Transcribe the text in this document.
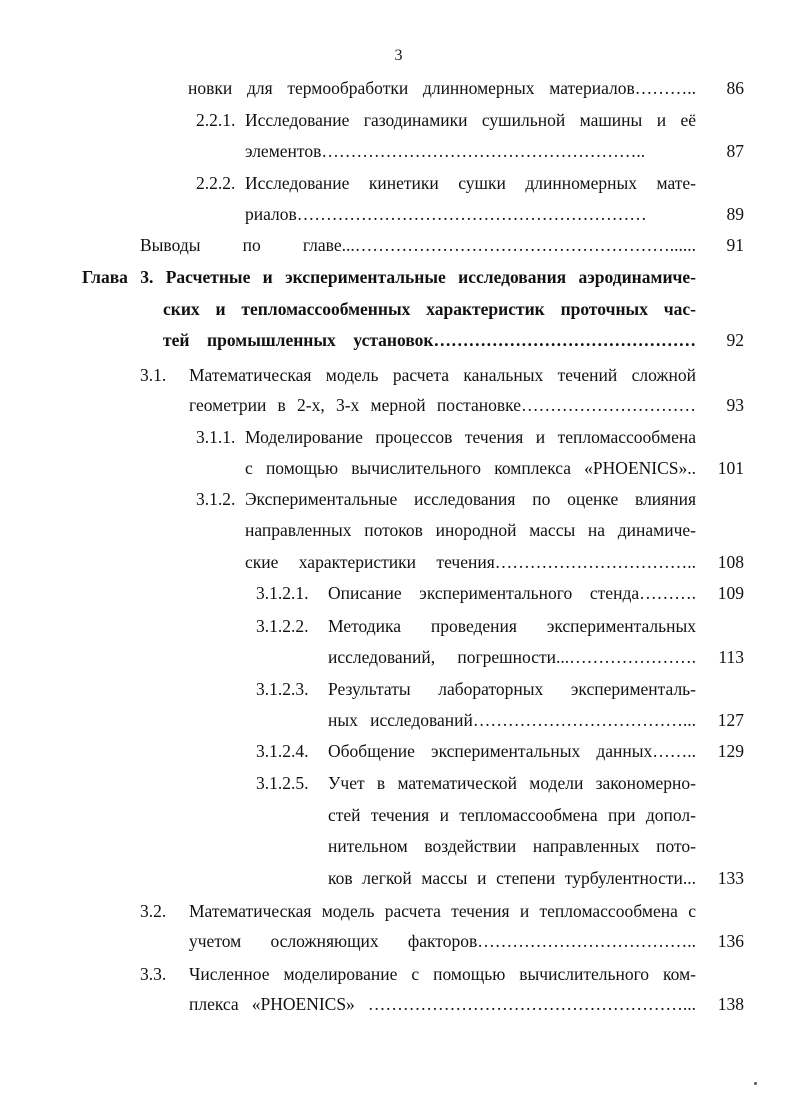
3
новки для термообработки длинномерных материалов……….. 86
2.2.1. Исследование газодинамики сушильной машины и её
элементов………………………………………………..	87
2.2.2. Исследование кинетики сушки длинномерных мате-
риалов……………………………………………………	89
Выводы по главе...………………………………………………...... 91
Глава 3. Расчетные и экспериментальные исследования аэродинамиче-
ских и тепломассообменных характеристик проточных час-
тей промышленных установок……………………………………… 92
3.1. Математическая модель расчета канальных течений сложной
геометрии в 2-х, 3-х мерной постановке………………………… 93
3.1.1. Моделирование процессов течения и тепломассообмена
с помощью вычислительного комплекса «PHOENICS».. 101
3.1.2. Экспериментальные исследования по оценке влияния
направленных потоков инородной массы на динамиче-
ские характеристики течения…………………………….. 108
3.1.2.1. Описание экспериментального стенда………. 109
3.1.2.2. Методика проведения экспериментальных
исследований, погрешности...…………………. 113
3.1.2.3. Результаты лабораторных эксперименталь-
ных исследований………………………………... 127
3.1.2.4. Обобщение экспериментальных данных…….. 129
3.1.2.5. Учет в математической модели закономерно-
стей течения и тепломассообмена при допол-
нительном воздействии направленных пото-
ков легкой массы и степени турбулентности... 133
3.2. Математическая модель расчета течения и тепломассообмена с
учетом осложняющих факторов……………………………….. 136
3.3. Численное моделирование с помощью вычислительного ком-
плекса «PHOENICS» ………………………………………………... 138
